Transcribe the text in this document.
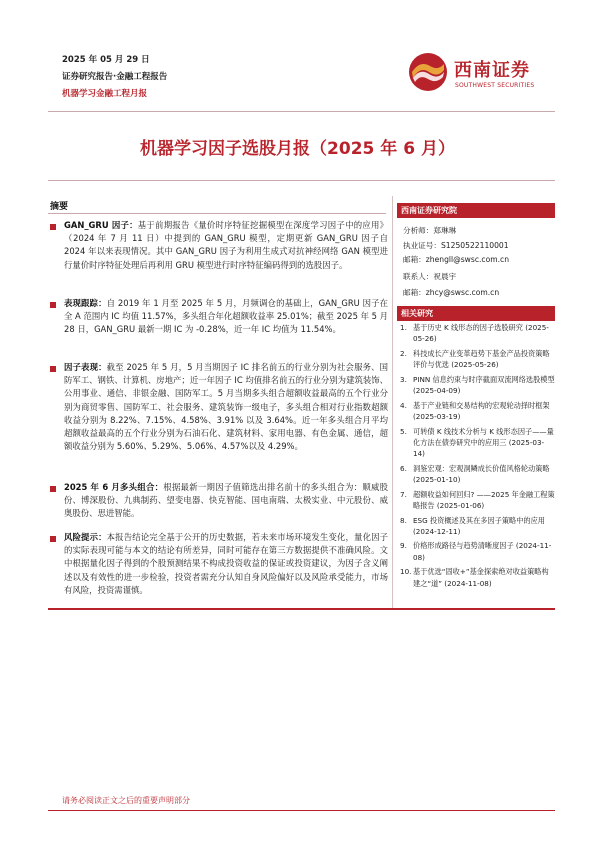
2025 年 05 月 29 日
证券研究报告·金融工程报告
机器学习金融工程月报
西南证券
SOUTHWEST SECURITIES
机器学习因子选股月报（2025 年 6 月）
摘要
GAN_GRU 因子：基于前期报告《量价时序特征挖掘模型在深度学习因子中的应用》（2024 年 7 月 11 日）中提到的 GAN_GRU 模型，定期更新 GAN_GRU 因子自 2024 年以来表现情况。其中 GAN_GRU 因子为利用生成式对抗神经网络 GAN 模型进行量价时序特征处理后再利用 GRU 模型进行时序特征编码得到的选股因子。
表现跟踪：自 2019 年 1 月至 2025 年 5 月，月频调仓的基础上，GAN_GRU 因子在全 A 范围内 IC 均值 11.57%，多头组合年化超额收益率 25.01%；截至 2025 年 5 月 28 日，GAN_GRU 最新一期 IC 为 -0.28%，近一年 IC 均值为 11.54%。
因子表现：截至 2025 年 5 月，5 月当期因子 IC 排名前五的行业分别为社会服务、国防军工、钢铁、计算机、房地产；近一年因子 IC 均值排名前五的行业分别为建筑装饰、公用事业、通信、非银金融、国防军工。5 月当期多头组合超额收益最高的五个行业分别为商贸零售、国防军工、社会服务、建筑装饰一级电子，多头组合相对行业指数超额收益分别为 8.22%、7.15%、4.58%、3.91% 以及 3.64%。近一年多头组合月平均超额收益最高的五个行业分别为石油石化、建筑材料、家用电器、有色金属、通信，超额收益分别为 5.60%、5.29%、5.06%、4.57%以及 4.29%。
2025 年 6 月多头组合：根据最新一期因子值筛选出排名前十的多头组合为：顺威股份、博深股份、九典制药、望变电器、快克智能、国电南瑞、太极实业、中元股份、威奥股份、思进智能。
风险提示：本报告结论完全基于公开的历史数据，若未来市场环境发生变化，量化因子的实际表现可能与本文的结论有所差异，同时可能存在第三方数据提供不准确风险。文中根据量化因子得到的个股预测结果不构成投资收益的保证或投资建议，为因子含义阐述以及有效性的进一步检验，投资者需充分认知自身风险偏好以及风险承受能力，市场有风险，投资需谨慎。
西南证券研究院
分析师：郑琳琳
执业证号：S1250522110001
邮箱：zhengll@swsc.com.cn
联系人：祝晨宇
邮箱：zhcy@swsc.com.cn
相关研究
1. 基于历史 K 线形态的因子选股研究 (2025-05-26)
2. 科技成长产业变革趋势下基金产品投资策略评价与优选 (2025-05-26)
3. PINN 信息约束与时序截面双流网络选股模型 (2025-04-09)
4. 基于产业链和交易结构的宏观轮动择时框架 (2025-03-19)
5. 可转债 K 线技术分析与 K 线形态因子——量化方法在债券研究中的应用三 (2025-03-14)
6. 洞鉴宏观：宏观洞鳞成长价值风格轮动策略 (2025-01-10)
7. 超额收益如何回归? ——2025 年金融工程策略报告 (2025-01-06)
8. ESG 投资概述及其在多因子策略中的应用 (2024-12-11)
9. 价格形成路径与趋势清晰度因子 (2024-11-08)
10. 基于优选“固收+”基金探索绝对收益策略构建之“道” (2024-11-08)
请务必阅读正文之后的重要声明部分
